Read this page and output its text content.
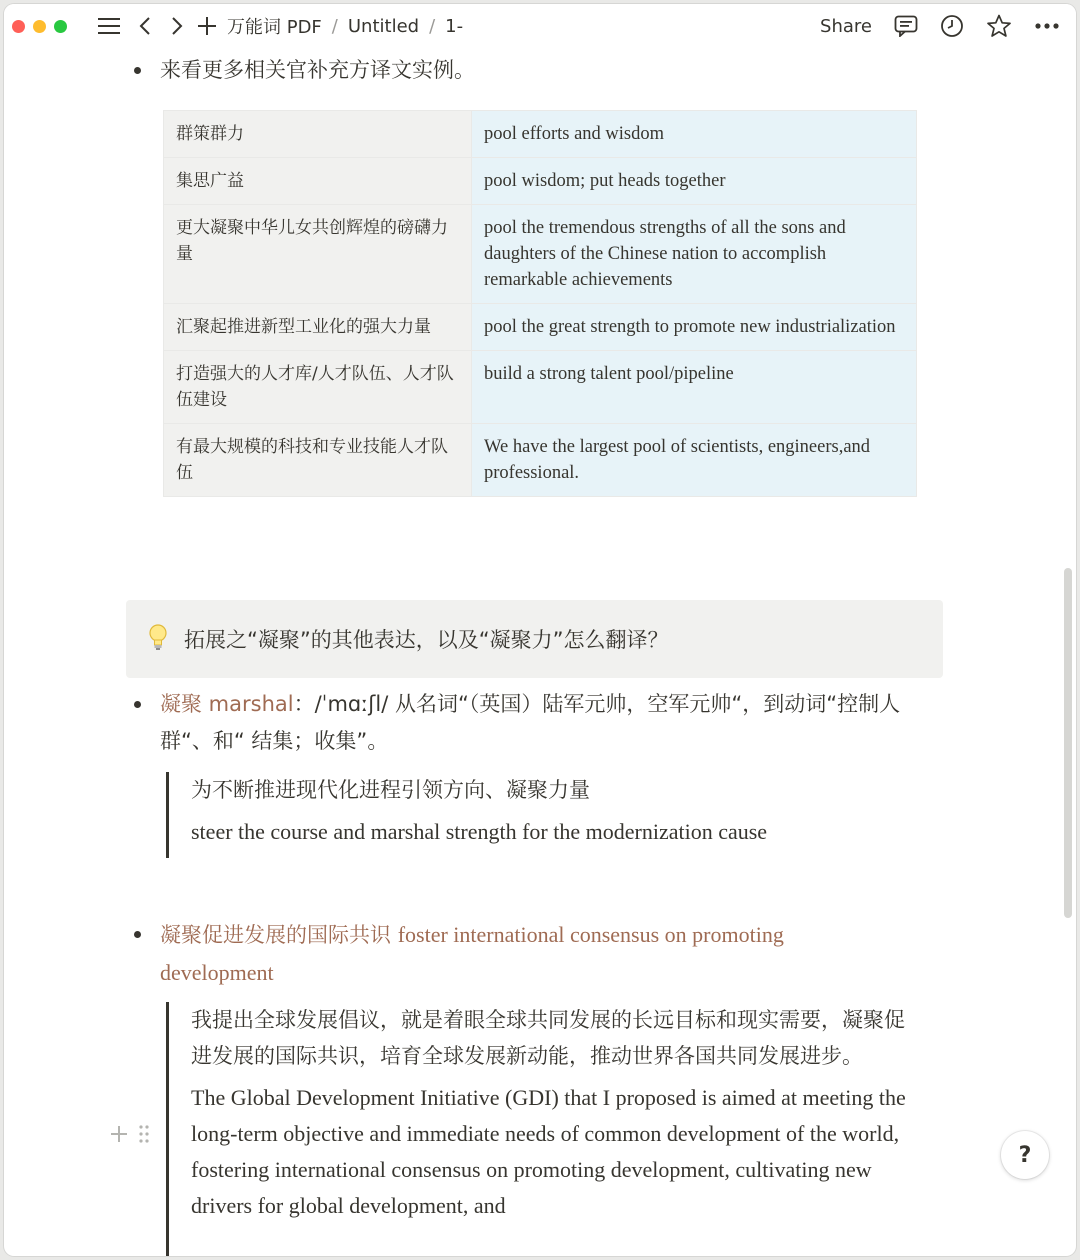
万能词 PDF / Untitled / 1-	Share
来看更多相关官补充方译文实例。
群策群力	pool efforts and wisdom
集思广益	pool wisdom; put heads together
更大凝聚中华儿女共创辉煌的磅礴力量	pool the tremendous strengths of all the sons and daughters of the Chinese nation to accomplish remarkable achievements
汇聚起推进新型工业化的强大力量	pool the great strength to promote new industrialization
打造强大的人才库/人才队伍、人才队伍建设	build a strong talent pool/pipeline
有最大规模的科技和专业技能人才队伍	We have the largest pool of scientists, engineers,and professional.
拓展之“凝聚”的其他表达，以及“凝聚力”怎么翻译？
凝聚 marshal：/ˈmɑːʃl/ 从名词“（英国）陆军元帅，空军元帅“，到动词“控制人群“、和“ 结集；收集”。

为不断推进现代化进程引领方向、凝聚力量

steer the course and marshal strength for the modernization cause

凝聚促进发展的国际共识 foster international consensus on promoting development

我提出全球发展倡议，就是着眼全球共同发展的长远目标和现实需要，凝聚促进发展的国际共识，培育全球发展新动能，推动世界各国共同发展进步。

The Global Development Initiative (GDI) that I proposed is aimed at meeting the long-term objective and immediate needs of common development of the world, fostering international consensus on promoting development, cultivating new drivers for global development, and

?
